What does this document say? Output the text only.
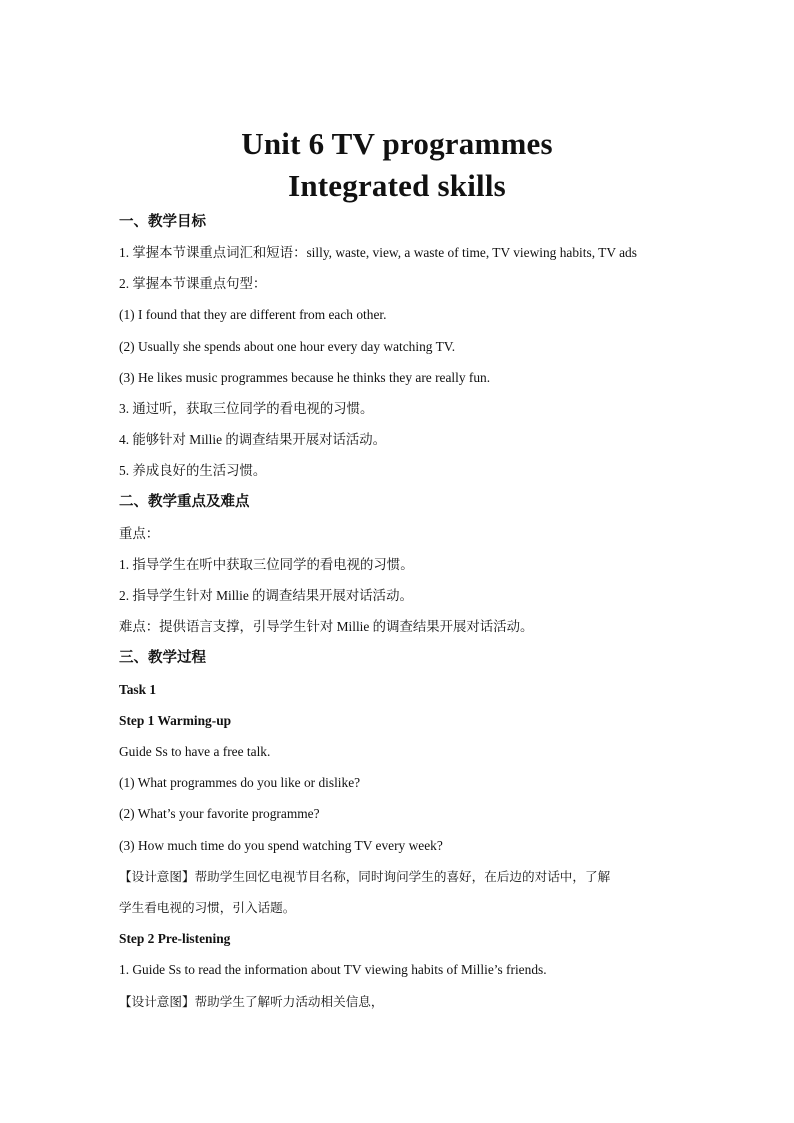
Unit 6 TV programmes
Integrated skills
一、教学目标
1. 掌握本节课重点词汇和短语：silly, waste, view, a waste of time, TV viewing habits, TV ads
2. 掌握本节课重点句型：
(1) I found that they are different from each other.
(2) Usually she spends about one hour every day watching TV.
(3) He likes music programmes because he thinks they are really fun.
3. 通过听，获取三位同学的看电视的习惯。
4. 能够针对 Millie 的调查结果开展对话活动。
5. 养成良好的生活习惯。
二、教学重点及难点
重点：
1. 指导学生在听中获取三位同学的看电视的习惯。
2. 指导学生针对 Millie 的调查结果开展对话活动。
难点：提供语言支撑，引导学生针对 Millie 的调查结果开展对话活动。
三、教学过程
Task 1
Step 1 Warming-up
Guide Ss to have a free talk.
(1) What programmes do you like or dislike?
(2) What’s your favorite programme?
(3) How much time do you spend watching TV every week?
【设计意图】帮助学生回忆电视节目名称，同时询问学生的喜好，在后边的对话中，了解
学生看电视的习惯，引入话题。
Step 2 Pre-listening
1. Guide Ss to read the information about TV viewing habits of Millie’s friends.
【设计意图】帮助学生了解听力活动相关信息，
